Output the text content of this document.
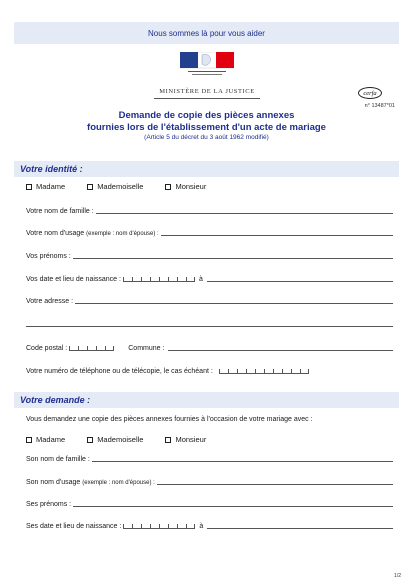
Nous sommes là pour vous aider
MINISTÈRE DE LA JUSTICE	cerfa
n° 13487*01
Demande de copie des pièces annexes
fournies lors de l'établissement d'un acte de mariage
(Article 5 du décret du 3 août 1962 modifié)
Votre identité :
Madame	Mademoiselle	Monsieur
Votre nom de famille :
Votre nom d'usage (exemple : nom d'épouse) :
Vos prénoms :
Vos date et lieu de naissance :	à
Votre adresse :
Code postal :	Commune :
Votre numéro de téléphone ou de télécopie, le cas échéant :
Votre demande :
Vous demandez une copie des pièces annexes fournies à l'occasion de votre mariage avec :
Madame	Mademoiselle	Monsieur
Son nom de famille :
Son nom d'usage (exemple : nom d'épouse) :
Ses prénoms :
Ses date et lieu de naissance :	à
1/2
